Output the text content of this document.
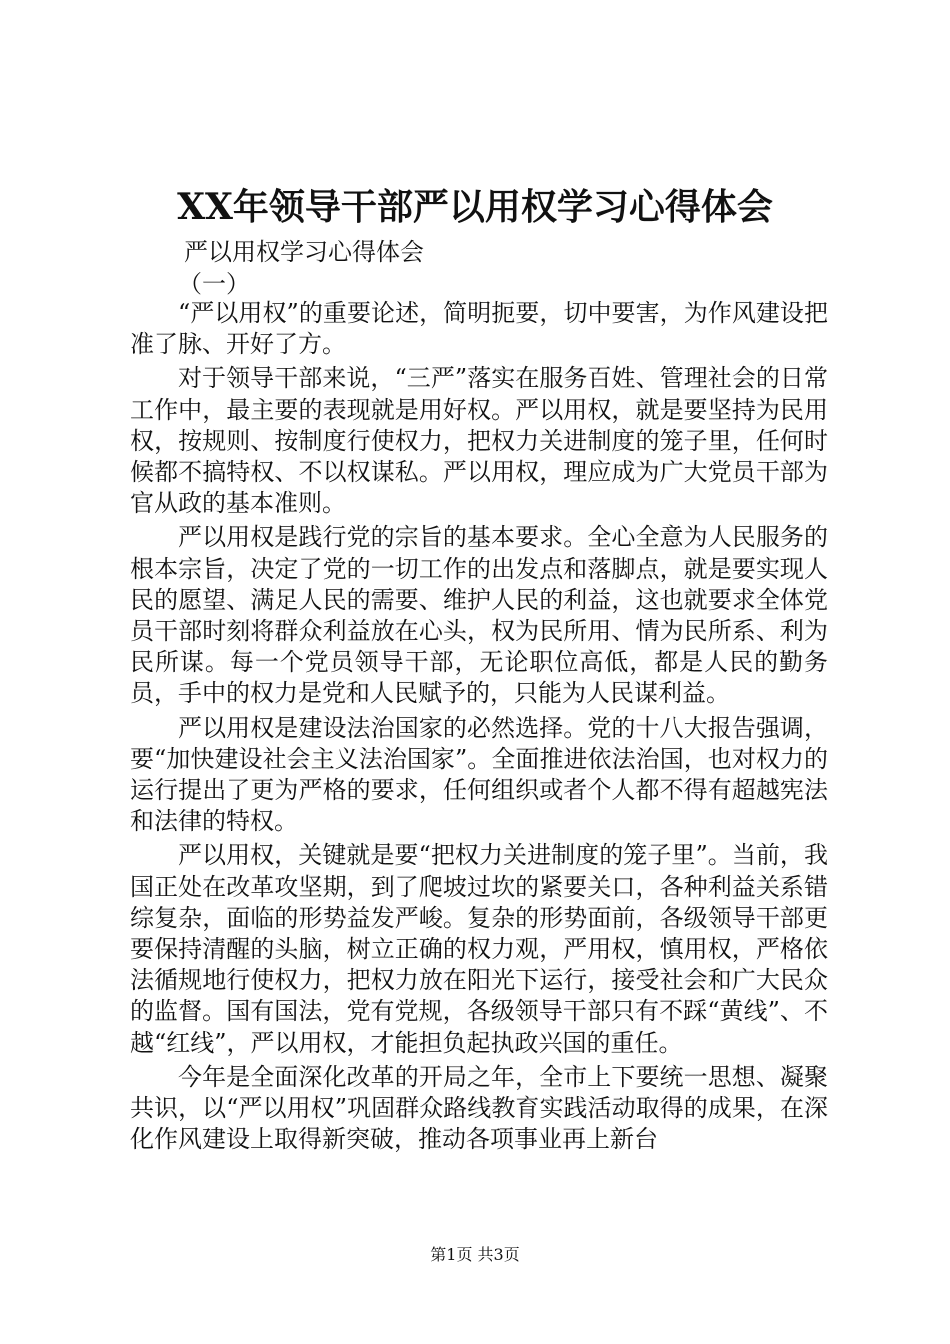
XX年领导干部严以用权学习心得体会
严以用权学习心得体会
（一）

“严以用权”的重要论述，简明扼要，切中要害，为作风建设把准了脉、开好了方。

对于领导干部来说，“三严”落实在服务百姓、管理社会的日常工作中，最主要的表现就是用好权。严以用权，就是要坚持为民用权，按规则、按制度行使权力，把权力关进制度的笼子里，任何时候都不搞特权、不以权谋私。严以用权，理应成为广大党员干部为官从政的基本准则。

严以用权是践行党的宗旨的基本要求。全心全意为人民服务的根本宗旨，决定了党的一切工作的出发点和落脚点，就是要实现人民的愿望、满足人民的需要、维护人民的利益，这也就要求全体党员干部时刻将群众利益放在心头，权为民所用、情为民所系、利为民所谋。每一个党员领导干部，无论职位高低，都是人民的勤务员，手中的权力是党和人民赋予的，只能为人民谋利益。

严以用权是建设法治国家的必然选择。党的十八大报告强调，要“加快建设社会主义法治国家”。全面推进依法治国，也对权力的运行提出了更为严格的要求，任何组织或者个人都不得有超越宪法和法律的特权。

严以用权，关键就是要“把权力关进制度的笼子里”。当前，我国正处在改革攻坚期，到了爬坡过坎的紧要关口，各种利益关系错综复杂，面临的形势益发严峻。复杂的形势面前，各级领导干部更要保持清醒的头脑，树立正确的权力观，严用权，慎用权，严格依法循规地行使权力，把权力放在阳光下运行，接受社会和广大民众的监督。国有国法，党有党规，各级领导干部只有不踩“黄线”、不越“红线”，严以用权，才能担负起执政兴国的重任。

今年是全面深化改革的开局之年，全市上下要统一思想、凝聚共识，以“严以用权”巩固群众路线教育实践活动取得的成果，在深化作风建设上取得新突破，推动各项事业再上新台

第1页 共3页
